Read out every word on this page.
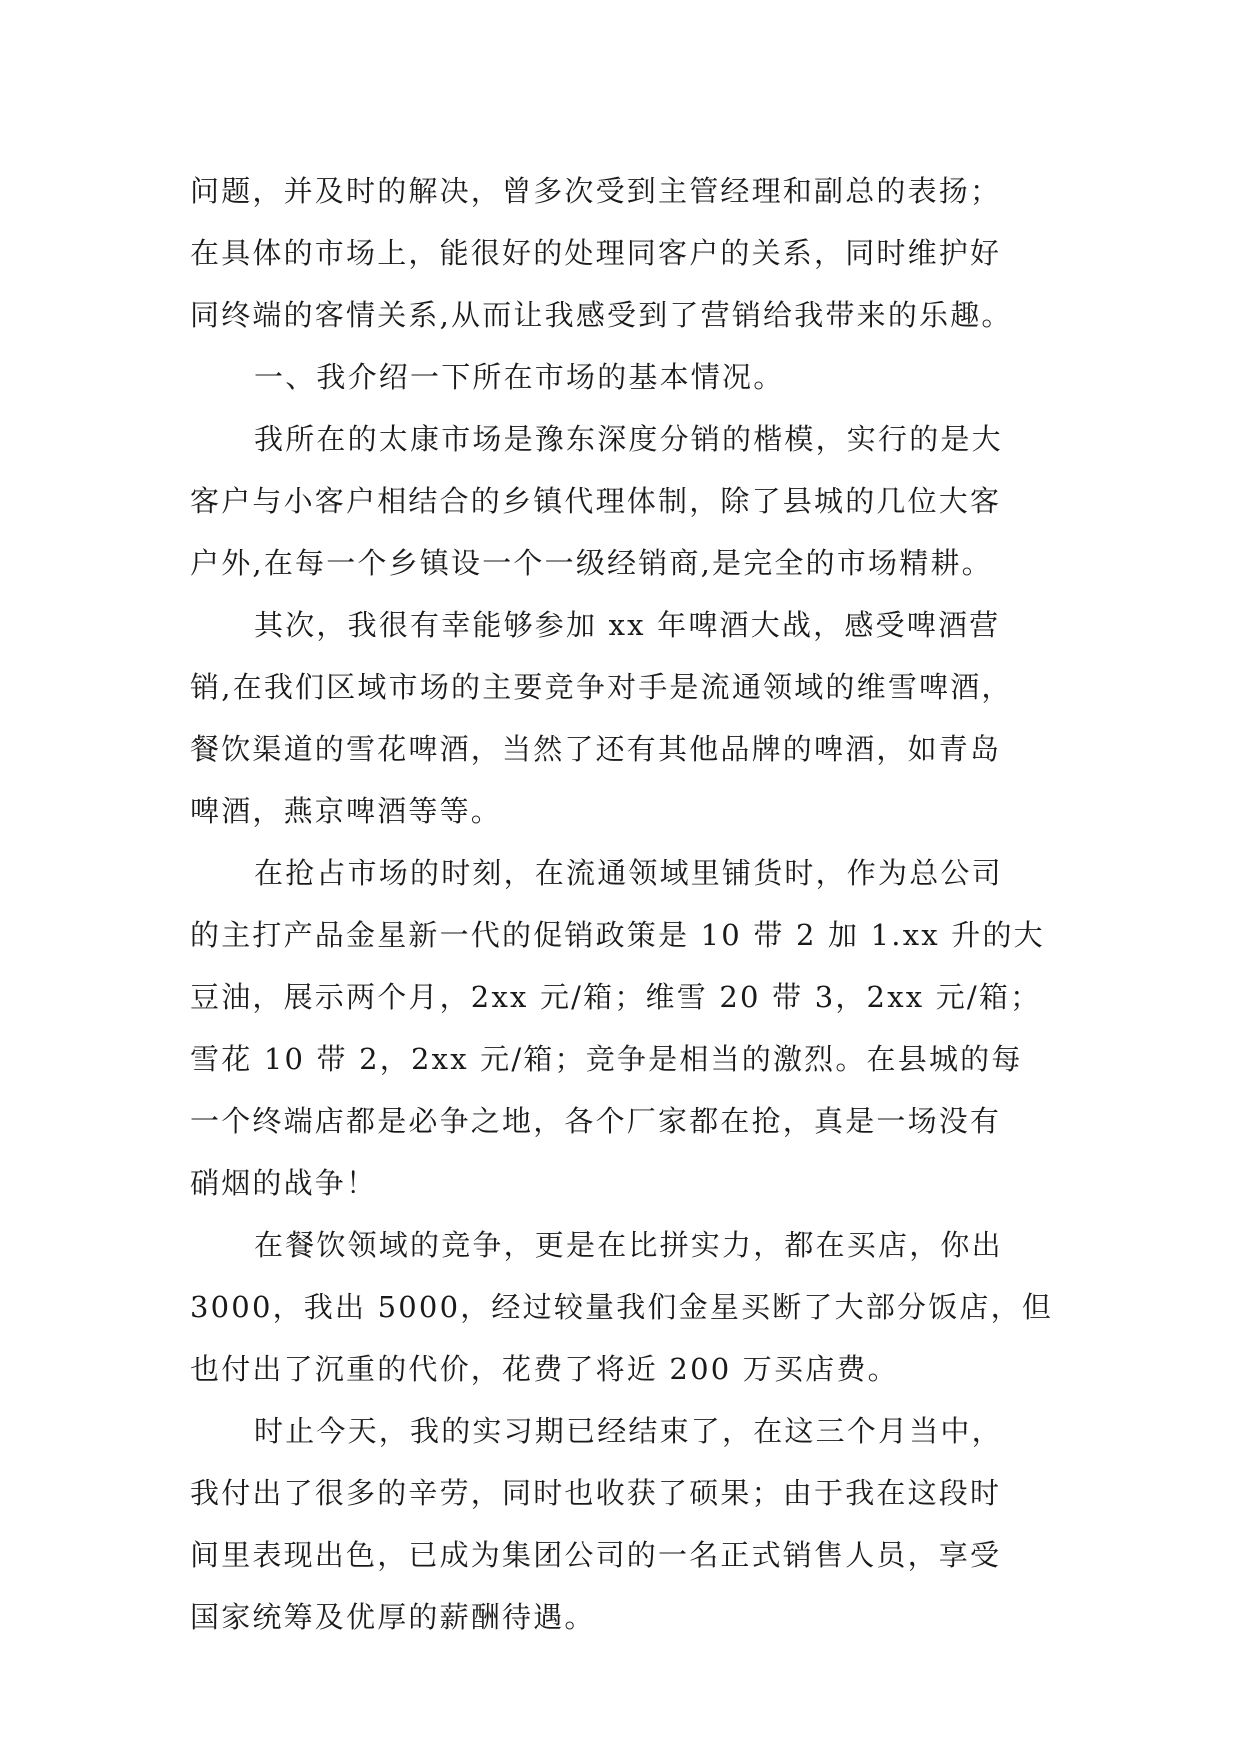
问题，并及时的解决，曾多次受到主管经理和副总的表扬；
在具体的市场上，能很好的处理同客户的关系，同时维护好
同终端的客情关系,从而让我感受到了营销给我带来的乐趣。
一、我介绍一下所在市场的基本情况。
我所在的太康市场是豫东深度分销的楷模，实行的是大
客户与小客户相结合的乡镇代理体制，除了县城的几位大客
户外,在每一个乡镇设一个一级经销商,是完全的市场精耕。
其次，我很有幸能够参加 xx 年啤酒大战，感受啤酒营
销,在我们区域市场的主要竞争对手是流通领域的维雪啤酒，
餐饮渠道的雪花啤酒，当然了还有其他品牌的啤酒，如青岛
啤酒，燕京啤酒等等。
在抢占市场的时刻，在流通领域里铺货时，作为总公司
的主打产品金星新一代的促销政策是 10 带 2 加 1.xx 升的大
豆油，展示两个月，2xx 元/箱；维雪 20 带 3，2xx 元/箱；
雪花 10 带 2，2xx 元/箱；竞争是相当的激烈。在县城的每
一个终端店都是必争之地，各个厂家都在抢，真是一场没有
硝烟的战争！
在餐饮领域的竞争，更是在比拼实力，都在买店，你出
3000，我出 5000，经过较量我们金星买断了大部分饭店，但
也付出了沉重的代价，花费了将近 200 万买店费。
时止今天，我的实习期已经结束了，在这三个月当中，
我付出了很多的辛劳，同时也收获了硕果；由于我在这段时
间里表现出色，已成为集团公司的一名正式销售人员，享受
国家统筹及优厚的薪酬待遇。
